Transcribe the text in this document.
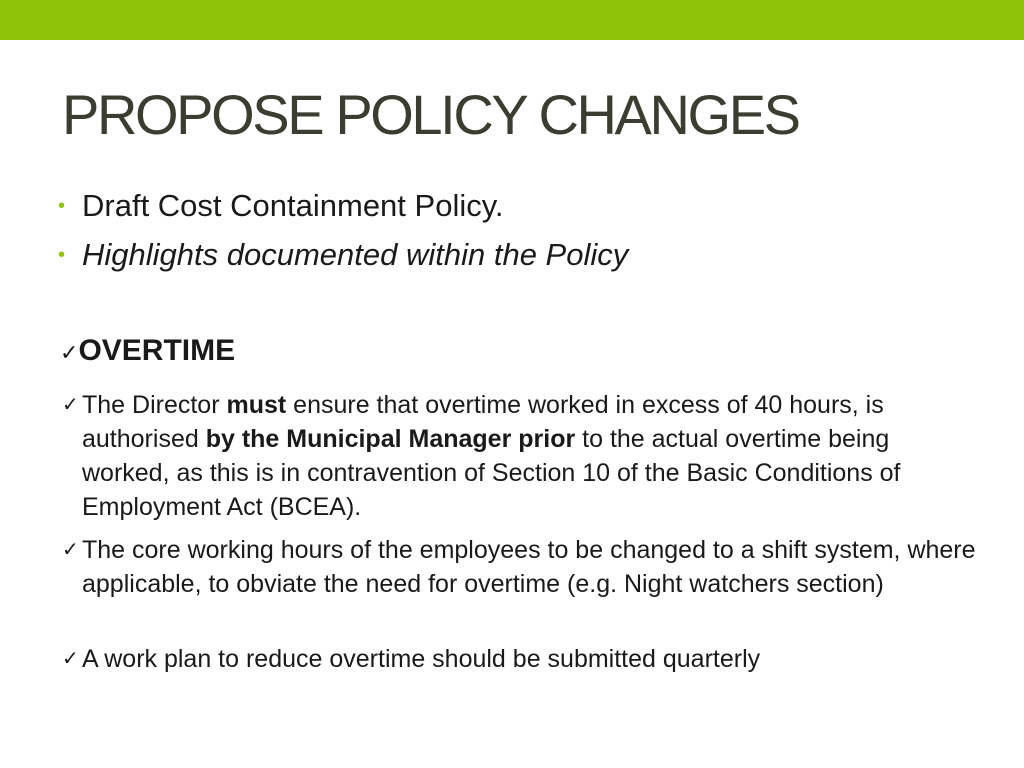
PROPOSE POLICY CHANGES
• Draft Cost Containment Policy.
• Highlights documented within the Policy
✓OVERTIME
✓ The Director must ensure that overtime worked in excess of 40 hours, is authorised by the Municipal Manager prior to the actual overtime being worked, as this is in contravention of Section 10 of the Basic Conditions of Employment Act (BCEA).
✓ The core working hours of the employees to be changed to a shift system, where applicable, to obviate the need for overtime (e.g. Night watchers section)
✓ A work plan to reduce overtime should be submitted quarterly
